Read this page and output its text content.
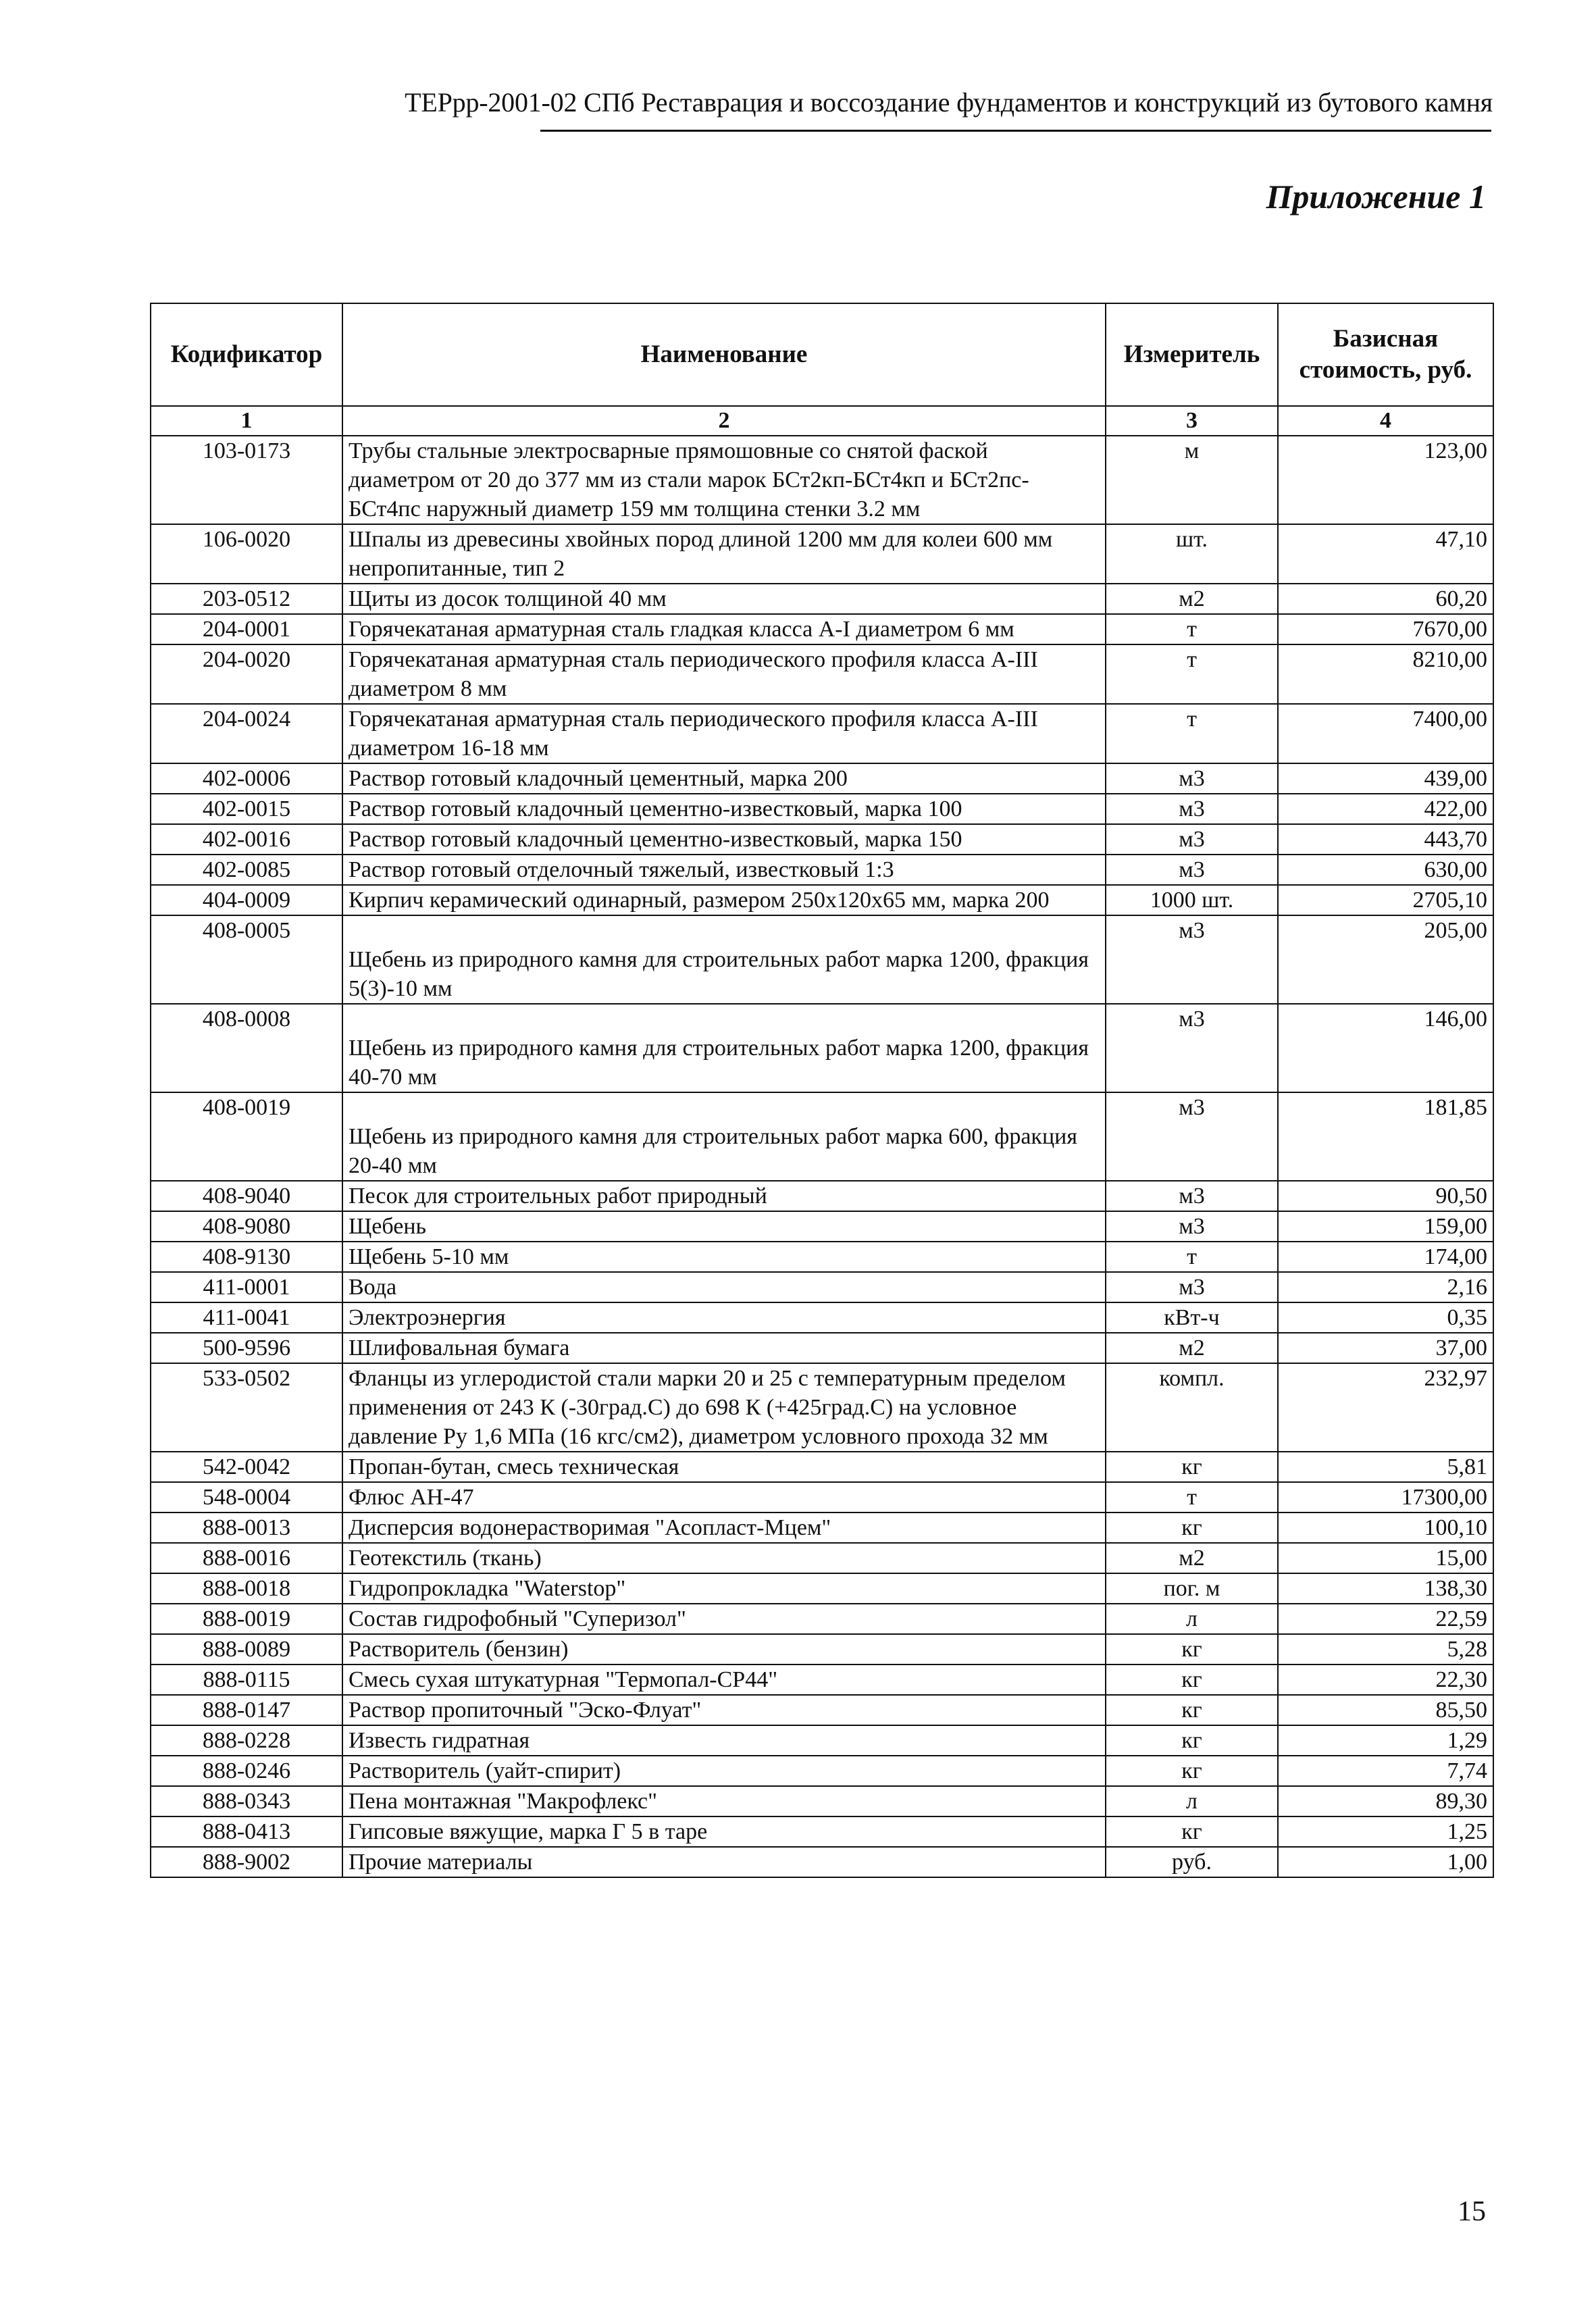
ТЕРрр-2001-02 СПб Реставрация и воссоздание фундаментов и конструкций из бутового камня
Приложение 1
Кодификатор	Наименование	Измеритель	Базисная стоимость, руб.
1	2	3	4
103-0173	Трубы стальные электросварные прямошовные со снятой фаской диаметром от 20 до 377 мм из стали марок БСт2кп-БСт4кп и БСт2пс-БСт4пс наружный диаметр 159 мм толщина стенки 3.2 мм	м	123,00
106-0020	Шпалы из древесины хвойных пород длиной 1200 мм для колеи 600 мм непропитанные, тип 2	шт.	47,10
203-0512	Щиты из досок толщиной 40 мм	м2	60,20
204-0001	Горячекатаная арматурная сталь гладкая класса А-I диаметром 6 мм	т	7670,00
204-0020	Горячекатаная арматурная сталь периодического профиля класса А-III диаметром 8 мм	т	8210,00
204-0024	Горячекатаная арматурная сталь периодического профиля класса А-III диаметром 16-18 мм	т	7400,00
402-0006	Раствор готовый кладочный цементный, марка 200	м3	439,00
402-0015	Раствор готовый кладочный цементно-известковый, марка 100	м3	422,00
402-0016	Раствор готовый кладочный цементно-известковый, марка 150	м3	443,70
402-0085	Раствор готовый отделочный тяжелый, известковый 1:3	м3	630,00
404-0009	Кирпич керамический одинарный, размером 250х120х65 мм, марка 200	1000 шт.	2705,10
408-0005	Щебень из природного камня для строительных работ марка 1200, фракция 5(3)-10 мм	м3	205,00
408-0008	Щебень из природного камня для строительных работ марка 1200, фракция 40-70 мм	м3	146,00
408-0019	Щебень из природного камня для строительных работ марка 600, фракция 20-40 мм	м3	181,85
408-9040	Песок для строительных работ природный	м3	90,50
408-9080	Щебень	м3	159,00
408-9130	Щебень 5-10 мм	т	174,00
411-0001	Вода	м3	2,16
411-0041	Электроэнергия	кВт-ч	0,35
500-9596	Шлифовальная бумага	м2	37,00
533-0502	Фланцы из углеродистой стали марки 20 и 25 с температурным пределом применения от 243 К (-30град.С) до 698 К (+425град.С) на условное давление Ру 1,6 МПа (16 кгс/см2), диаметром условного прохода 32 мм	компл.	232,97
542-0042	Пропан-бутан, смесь техническая	кг	5,81
548-0004	Флюс АН-47	т	17300,00
888-0013	Дисперсия водонерастворимая "Асопласт-Мцем"	кг	100,10
888-0016	Геотекстиль (ткань)	м2	15,00
888-0018	Гидропрокладка "Waterstop"	пог. м	138,30
888-0019	Состав гидрофобный "Суперизол"	л	22,59
888-0089	Растворитель (бензин)	кг	5,28
888-0115	Смесь сухая штукатурная "Термопал-СР44"	кг	22,30
888-0147	Раствор пропиточный "Эско-Флуат"	кг	85,50
888-0228	Известь гидратная	кг	1,29
888-0246	Растворитель (уайт-спирит)	кг	7,74
888-0343	Пена монтажная "Макрофлекс"	л	89,30
888-0413	Гипсовые вяжущие, марка Г 5 в таре	кг	1,25
888-9002	Прочие материалы	руб.	1,00
15
